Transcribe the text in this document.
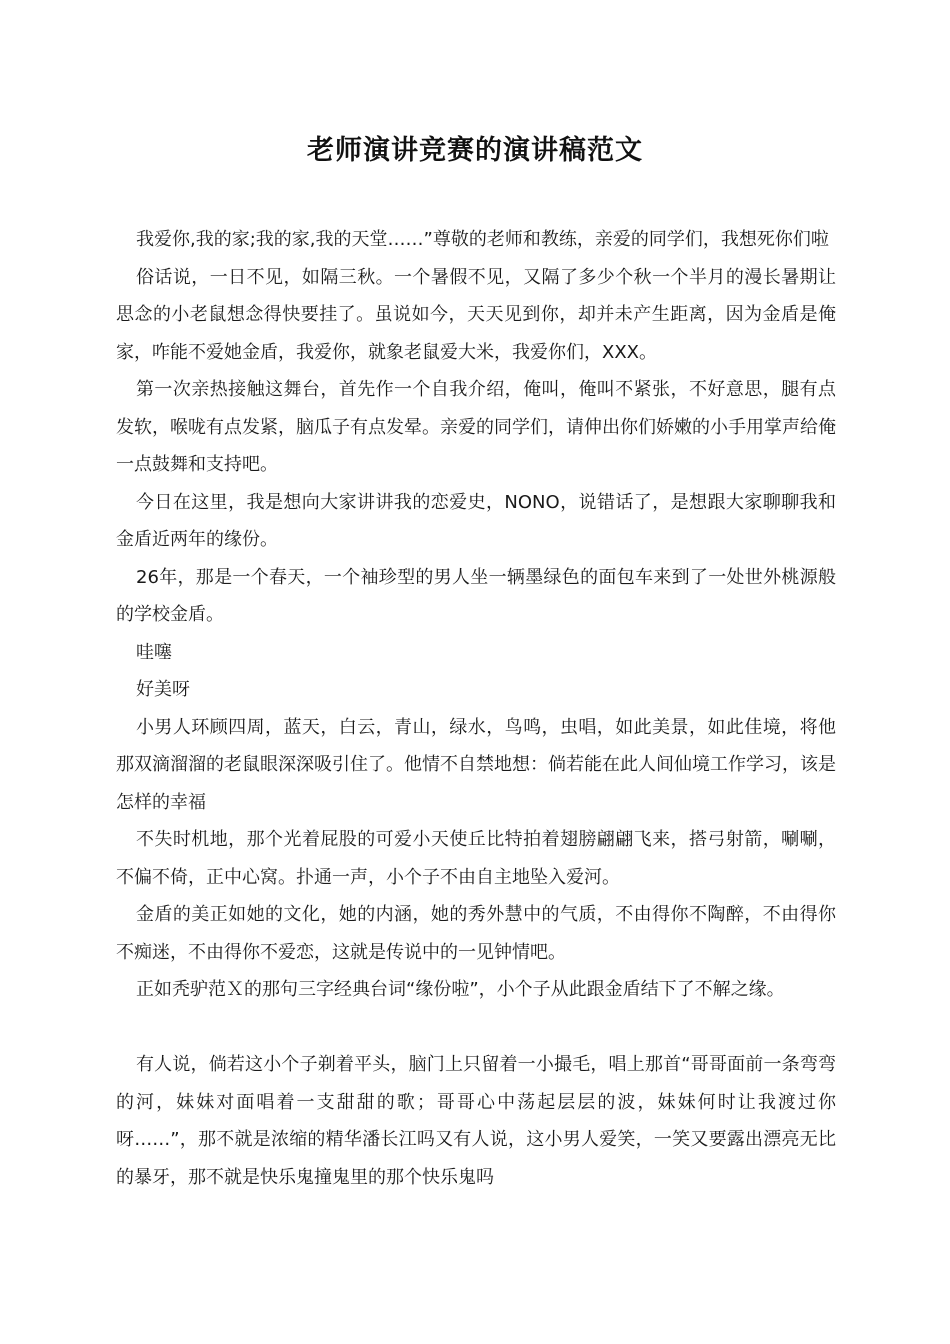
老师演讲竞赛的演讲稿范文

我爱你,我的家;我的家,我的天堂……”尊敬的老师和教练，亲爱的同学们，我想死你们啦

俗话说，一日不见，如隔三秋。一个暑假不见，又隔了多少个秋一个半月的漫长暑期让思念的小老鼠想念得快要挂了。虽说如今，天天见到你，却并未产生距离，因为金盾是俺家，咋能不爱她金盾，我爱你，就象老鼠爱大米，我爱你们，XXX。

第一次亲热接触这舞台，首先作一个自我介绍，俺叫，俺叫不紧张，不好意思，腿有点发软，喉咙有点发紧，脑瓜子有点发晕。亲爱的同学们，请伸出你们娇嫩的小手用掌声给俺一点鼓舞和支持吧。

今日在这里，我是想向大家讲讲我的恋爱史，NONO，说错话了，是想跟大家聊聊我和金盾近两年的缘份。

26年，那是一个春天，一个袖珍型的男人坐一辆墨绿色的面包车来到了一处世外桃源般的学校金盾。

哇噻

好美呀

小男人环顾四周，蓝天，白云，青山，绿水，鸟鸣，虫唱，如此美景，如此佳境，将他那双滴溜溜的老鼠眼深深吸引住了。他情不自禁地想：倘若能在此人间仙境工作学习，该是怎样的幸福

不失时机地，那个光着屁股的可爱小天使丘比特拍着翅膀翩翩飞来，搭弓射箭，唰唰，不偏不倚，正中心窝。扑通一声，小个子不由自主地坠入爱河。

金盾的美正如她的文化，她的内涵，她的秀外慧中的气质，不由得你不陶醉，不由得你不痴迷，不由得你不爱恋，这就是传说中的一见钟情吧。

正如秃驴范Ｘ的那句三字经典台词“缘份啦”，小个子从此跟金盾结下了不解之缘。

有人说，倘若这小个子剃着平头，脑门上只留着一小撮毛，唱上那首“哥哥面前一条弯弯的河，妹妹对面唱着一支甜甜的歌；哥哥心中荡起层层的波，妹妹何时让我渡过你呀……”，那不就是浓缩的精华潘长江吗又有人说，这小男人爱笑，一笑又要露出漂亮无比的暴牙，那不就是快乐鬼撞鬼里的那个快乐鬼吗
